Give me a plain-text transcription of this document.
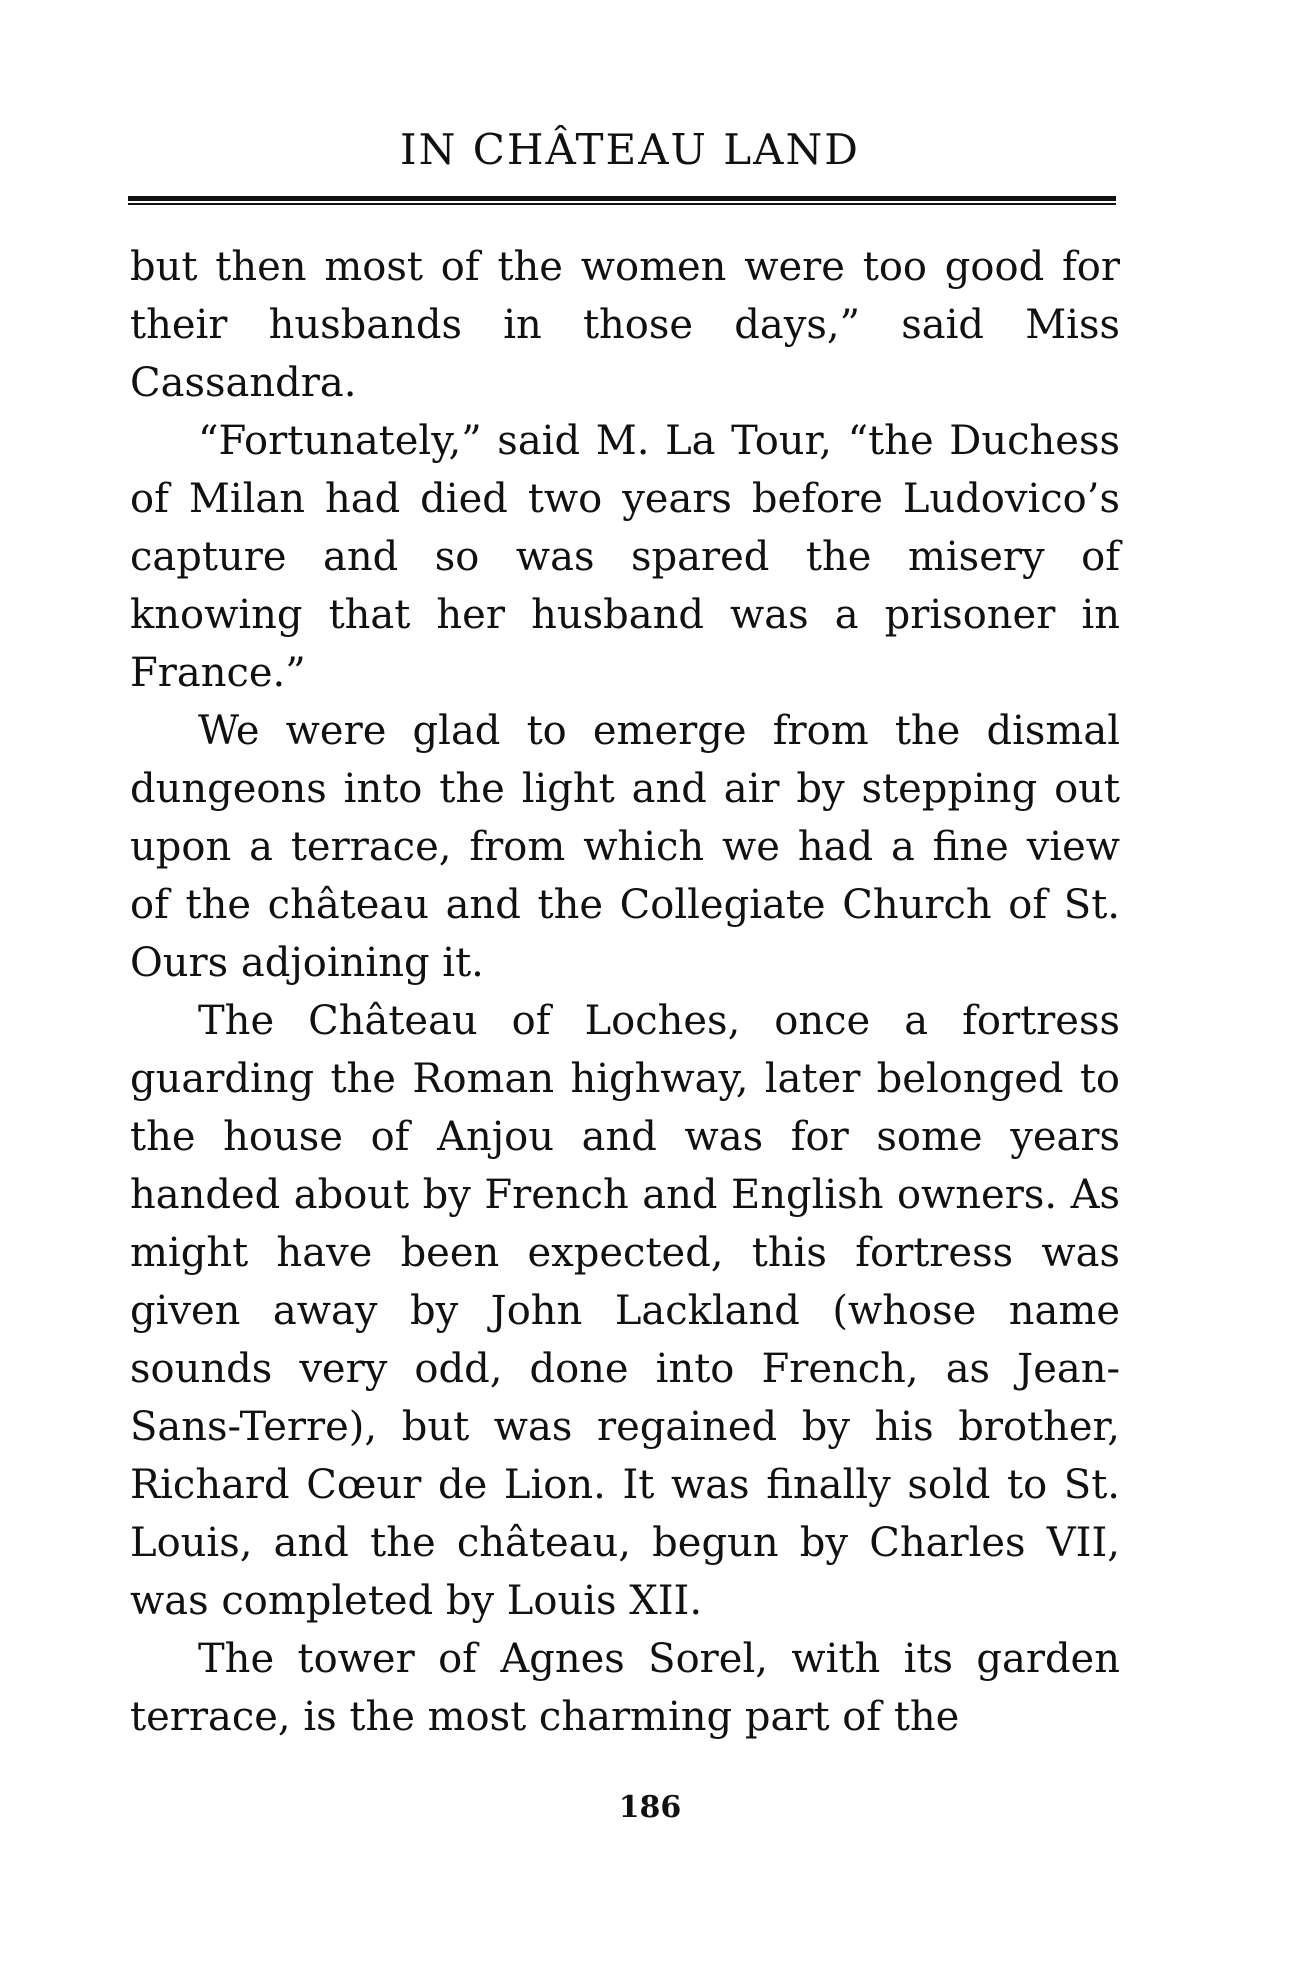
IN CHÂTEAU LAND

but then most of the women were too good for their husbands in those days,” said Miss Cassandra.

“Fortunately,” said M. La Tour, “the Duchess of Milan had died two years before Ludovico’s capture and so was spared the misery of knowing that her husband was a prisoner in France.”

We were glad to emerge from the dismal dungeons into the light and air by stepping out upon a terrace, from which we had a fine view of the château and the Collegiate Church of St. Ours adjoining it.

The Château of Loches, once a fortress guarding the Roman highway, later belonged to the house of Anjou and was for some years handed about by French and English owners. As might have been expected, this fortress was given away by John Lackland (whose name sounds very odd, done into French, as Jean-Sans-Terre), but was regained by his brother, Richard Cœur de Lion. It was finally sold to St. Louis, and the château, begun by Charles VII, was completed by Louis XII.

The tower of Agnes Sorel, with its garden terrace, is the most charming part of the

186
